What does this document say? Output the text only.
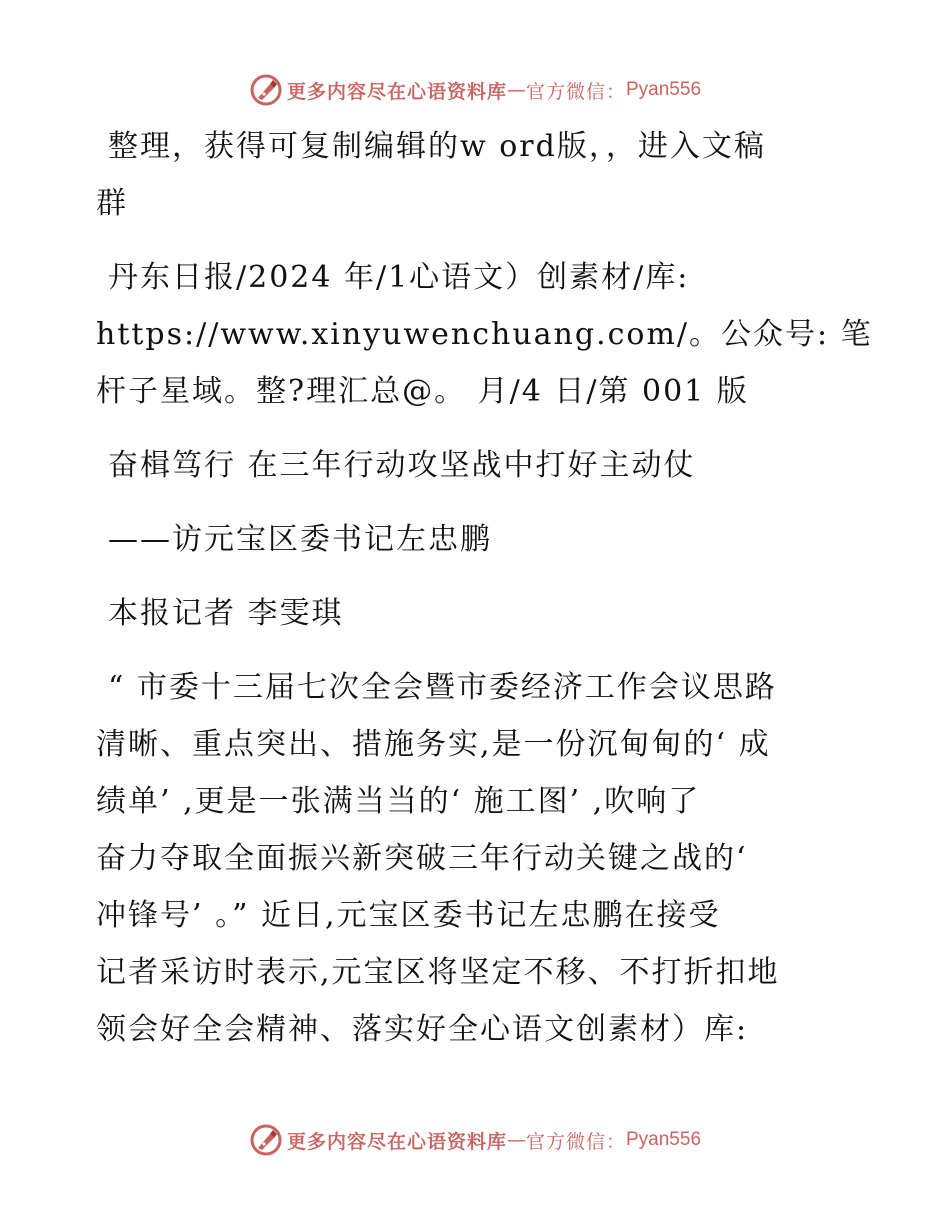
更多内容尽在心语资料库 — 官方微信： Pyan556

整理，获得可复制编辑的w ord版，，进入文稿

群

丹东日报/2024 年/1心语文）创素材/库:

https://www.xinyuwenchuang.com/。公众号: 笔

杆子星域。整?理汇总@。 月/4 日/第 001 版

奋楫笃行 在三年行动攻坚战中打好主动仗

——访元宝区委书记左忠鹏

本报记者 李雯琪

“ 市委十三届七次全会暨市委经济工作会议思路

清晰、重点突出、措施务实,是一份沉甸甸的‘ 成

绩单’ ,更是一张满当当的‘ 施工图’ ,吹响了

奋力夺取全面振兴新突破三年行动关键之战的‘

冲锋号’ 。” 近日,元宝区委书记左忠鹏在接受

记者采访时表示,元宝区将坚定不移、不打折扣地

领会好全会精神、落实好全心语文创素材）库:

更多内容尽在心语资料库 — 官方微信： Pyan556
